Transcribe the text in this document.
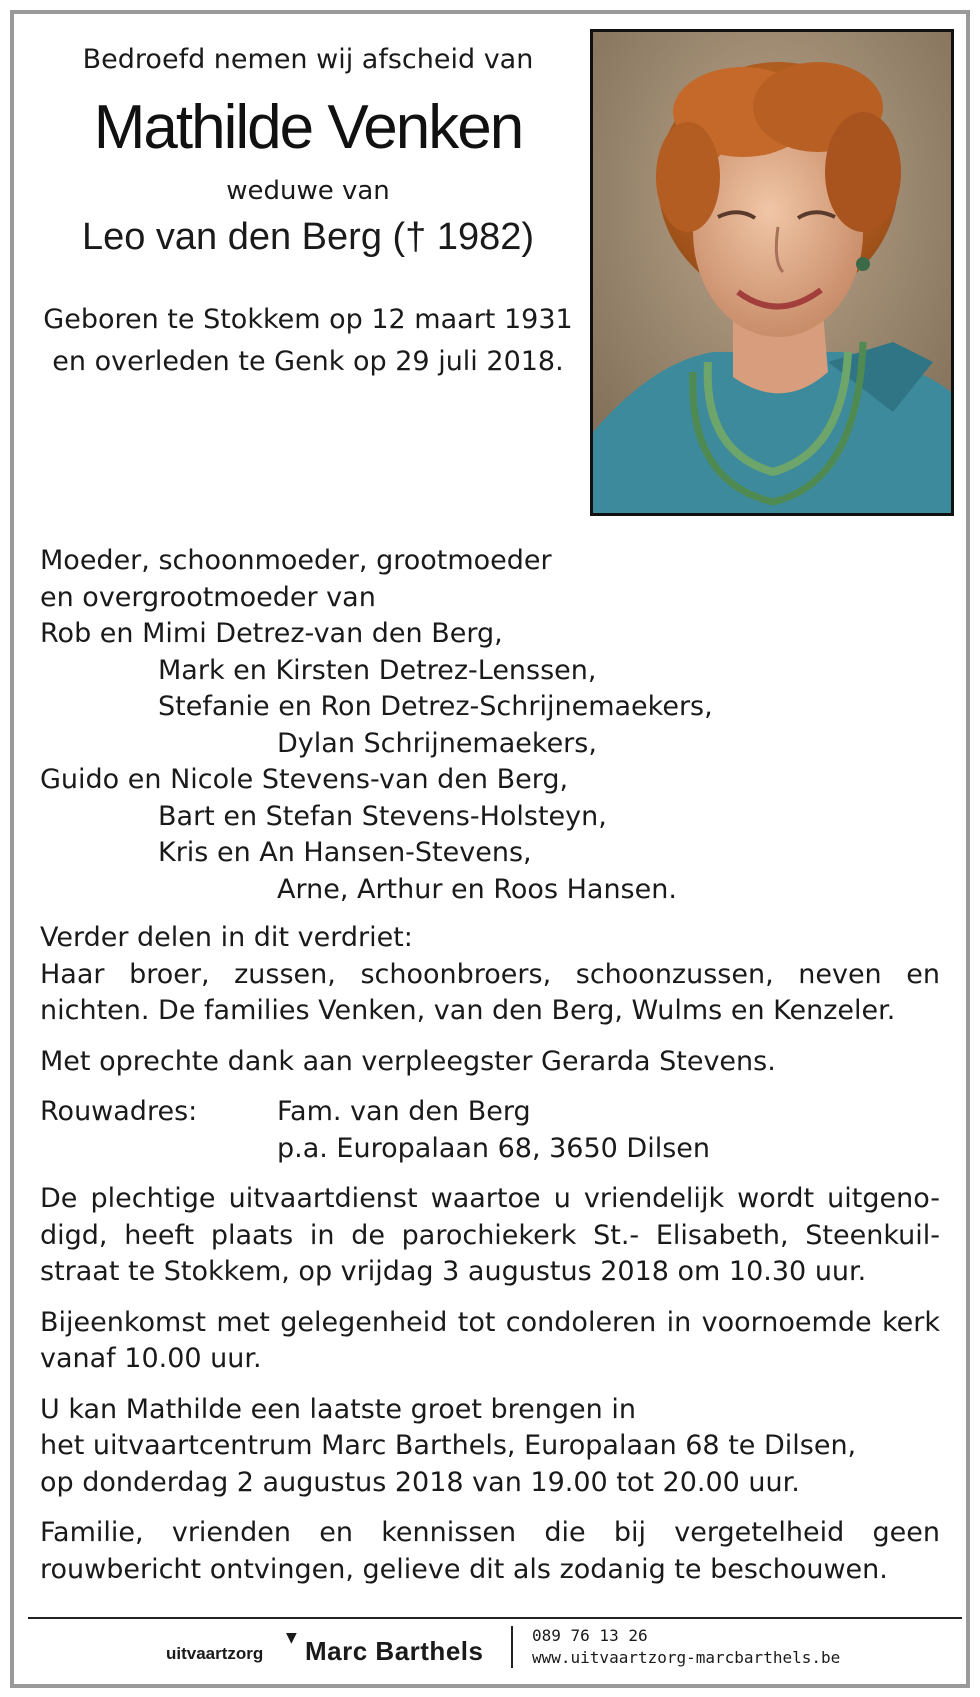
Bedroefd nemen wij afscheid van
Mathilde Venken
weduwe van
Leo van den Berg († 1982)
Geboren te Stokkem op 12 maart 1931
en overleden te Genk op 29 juli 2018.
Moeder, schoonmoeder, grootmoeder
en overgrootmoeder van
Rob en Mimi Detrez-van den Berg,
Mark en Kirsten Detrez-Lenssen,
Stefanie en Ron Detrez-Schrijnemaekers,
Dylan Schrijnemaekers,
Guido en Nicole Stevens-van den Berg,
Bart en Stefan Stevens-Holsteyn,
Kris en An Hansen-Stevens,
Arne, Arthur en Roos Hansen.
Verder delen in dit verdriet:
Haar broer, zussen, schoonbroers, schoonzussen, neven en nichten. De families Venken, van den Berg, Wulms en Kenzeler.
Met oprechte dank aan verpleegster Gerarda Stevens.
Rouwadres:	Fam. van den Berg
p.a. Europalaan 68, 3650 Dilsen
De plechtige uitvaartdienst waartoe u vriendelijk wordt uitgeno-digd, heeft plaats in de parochiekerk St.- Elisabeth, Steenkuil-straat te Stokkem, op vrijdag 3 augustus 2018 om 10.30 uur.
Bijeenkomst met gelegenheid tot condoleren in voornoemde kerk vanaf 10.00 uur.
U kan Mathilde een laatste groet brengen in
het uitvaartcentrum Marc Barthels, Europalaan 68 te Dilsen,
op donderdag 2 augustus 2018 van 19.00 tot 20.00 uur.
Familie, vrienden en kennissen die bij vergetelheid geen rouwbericht ontvingen, gelieve dit als zodanig te beschouwen.
uitvaartzorg
▼ Marc Barthels
089 76 13 26
www.uitvaartzorg-marcbarthels.be
